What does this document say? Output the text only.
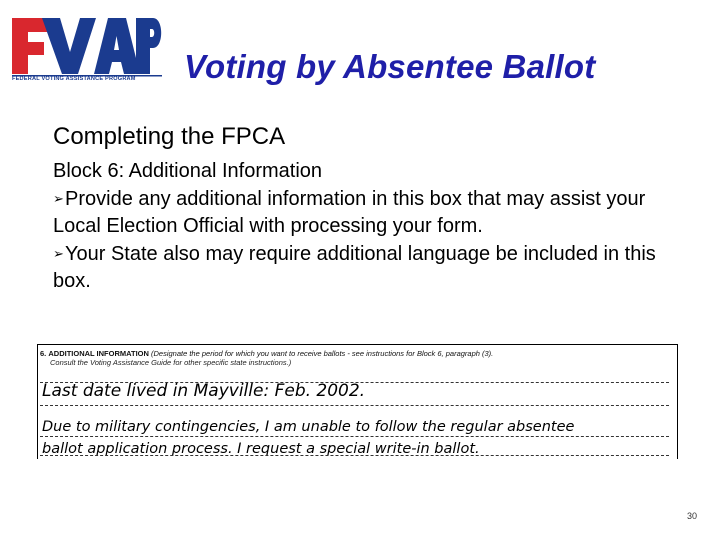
FEDERAL VOTING ASSISTANCE PROGRAM Voting by Absentee Ballot
Completing the FPCA
Block 6: Additional Information
➢Provide any additional information in this box that may assist your Local Election Official with processing your form.
➢Your State also may require additional language be included in this box.
6. ADDITIONAL INFORMATION (Designate the period for which you want to receive ballots - see instructions for Block 6, paragraph (3).
Consult the Voting Assistance Guide for other specific state instructions.)
Last date lived in Mayville: Feb. 2002.
Due to military contingencies, I am unable to follow the regular absentee
ballot application process. I request a special write-in ballot.
30
